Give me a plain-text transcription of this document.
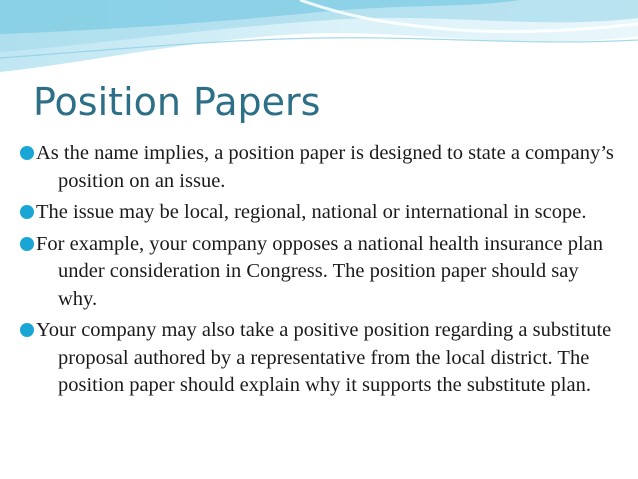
Position Papers
As the name implies, a position paper is designed to state a company’s position on an issue.
The issue may be local, regional, national or international in scope.
For example, your company opposes a national health insurance plan under consideration in Congress. The position paper should say why.
Your company may also take a positive position regarding a substitute proposal authored by a representative from the local district. The position paper should explain why it supports the substitute plan.
